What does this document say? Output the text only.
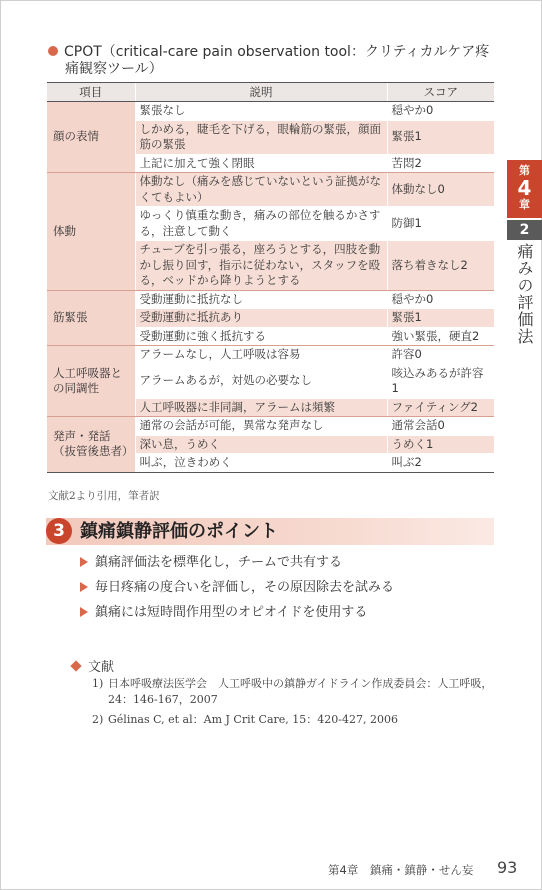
CPOT（critical-care pain observation tool：クリティカルケア疼
痛観察ツール）
項目	説明	スコア
顔の表情	緊張なし	穏やか0
	しかめる，睫毛を下げる，眼輪筋の緊張，顔面筋の緊張	緊張1
	上記に加えて強く閉眼	苦悶2
体動	体動なし（痛みを感じていないという証拠がなくてもよい）	体動なし0
	ゆっくり慎重な動き，痛みの部位を触るかさする，注意して動く	防御1
	チューブを引っ張る，座ろうとする，四肢を動かし振り回す，指示に従わない，スタッフを殴る，ベッドから降りようとする	落ち着きなし2
筋緊張	受動運動に抵抗なし	穏やか0
	受動運動に抵抗あり	緊張1
	受動運動に強く抵抗する	強い緊張，硬直2
人工呼吸器との同調性	アラームなし，人工呼吸は容易	許容0
	アラームあるが，対処の必要なし	咳込みあるが許容1
	人工呼吸器に非同調，アラームは頻繁	ファイティング2
発声・発話（抜管後患者）	通常の会話が可能，異常な発声なし	通常会話0
	深い息，うめく	うめく1
	叫ぶ，泣きわめく	叫ぶ2
文献2より引用，筆者訳
3 鎮痛鎮静評価のポイント
鎮痛評価法を標準化し，チームで共有する
毎日疼痛の度合いを評価し，その原因除去を試みる
鎮痛には短時間作用型のオピオイドを使用する
文献
1) 日本呼吸療法医学会　人工呼吸中の鎮静ガイドライン作成委員会：人工呼吸，24：146-167，2007
2) Gélinas C, et al：Am J Crit Care, 15：420-427, 2006
第
4
章
2
痛みの評価法
第4章　鎮痛・鎮静・せん妄 93
